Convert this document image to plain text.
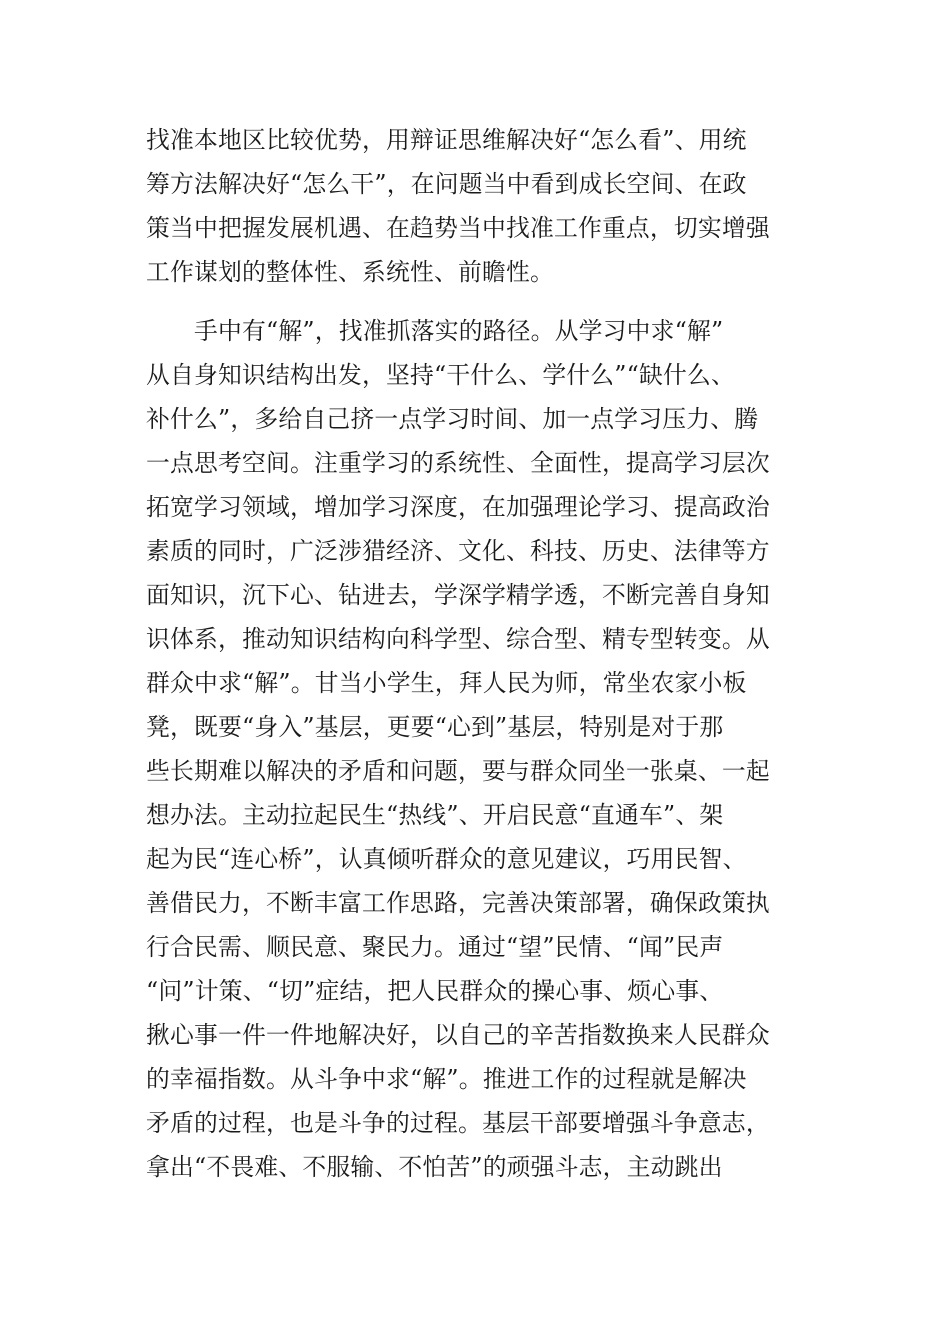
找准本地区比较优势，用辩证思维解决好“怎么看”、用统
筹方法解决好“怎么干”，在问题当中看到成长空间、在政
策当中把握发展机遇、在趋势当中找准工作重点，切实增强
工作谋划的整体性、系统性、前瞻性。
　　手中有“解”，找准抓落实的路径。从学习中求“解”
从自身知识结构出发，坚持“干什么、学什么”“缺什么、
补什么”，多给自己挤一点学习时间、加一点学习压力、腾
一点思考空间。注重学习的系统性、全面性，提高学习层次
拓宽学习领域，增加学习深度，在加强理论学习、提高政治
素质的同时，广泛涉猎经济、文化、科技、历史、法律等方
面知识，沉下心、钻进去，学深学精学透，不断完善自身知
识体系，推动知识结构向科学型、综合型、精专型转变。从
群众中求“解”。甘当小学生，拜人民为师，常坐农家小板
凳，既要“身入”基层，更要“心到”基层，特别是对于那
些长期难以解决的矛盾和问题，要与群众同坐一张桌、一起
想办法。主动拉起民生“热线”、开启民意“直通车”、架
起为民“连心桥”，认真倾听群众的意见建议，巧用民智、
善借民力，不断丰富工作思路，完善决策部署，确保政策执
行合民需、顺民意、聚民力。通过“望”民情、“闻”民声
“问”计策、“切”症结，把人民群众的操心事、烦心事、
揪心事一件一件地解决好，以自己的辛苦指数换来人民群众
的幸福指数。从斗争中求“解”。推进工作的过程就是解决
矛盾的过程，也是斗争的过程。基层干部要增强斗争意志，
拿出“不畏难、不服输、不怕苦”的顽强斗志，主动跳出
